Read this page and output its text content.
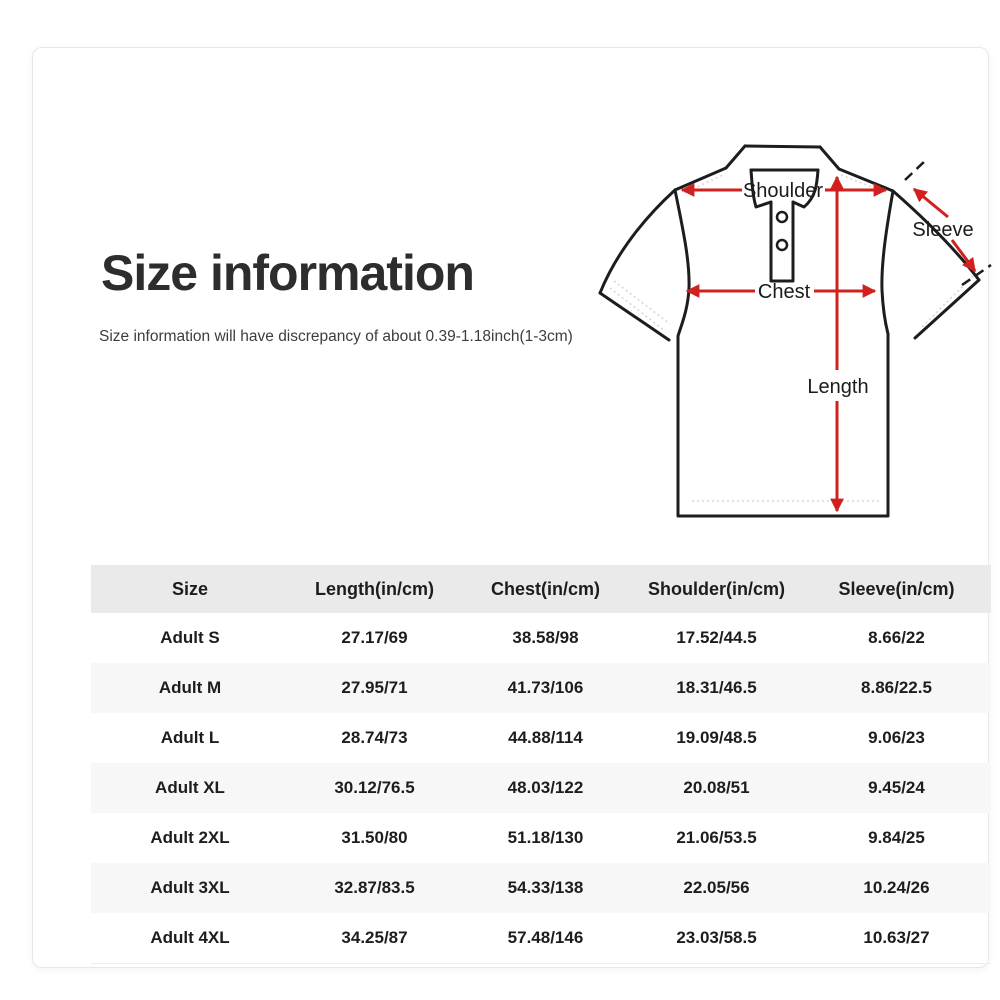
Size information

Size information will have discrepancy of about 0.39-1.18inch(1-3cm)

Shoulder
Chest
Length
Sleeve
Size	Length(in/cm)	Chest(in/cm)	Shoulder(in/cm)	Sleeve(in/cm)
Adult S	27.17/69	38.58/98	17.52/44.5	8.66/22
Adult M	27.95/71	41.73/106	18.31/46.5	8.86/22.5
Adult L	28.74/73	44.88/114	19.09/48.5	9.06/23
Adult XL	30.12/76.5	48.03/122	20.08/51	9.45/24
Adult 2XL	31.50/80	51.18/130	21.06/53.5	9.84/25
Adult 3XL	32.87/83.5	54.33/138	22.05/56	10.24/26
Adult 4XL	34.25/87	57.48/146	23.03/58.5	10.63/27
